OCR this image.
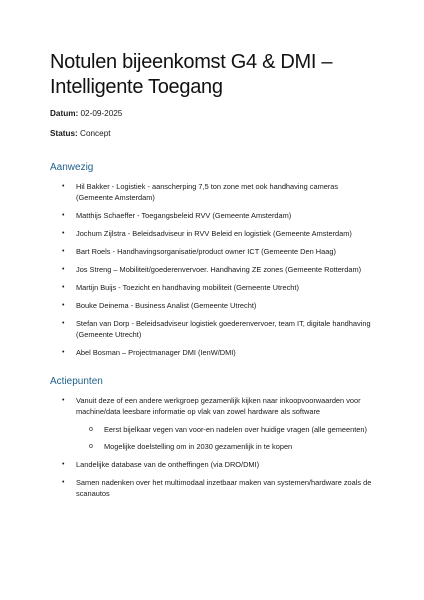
Notulen bijeenkomst G4 & DMI –
Intelligente Toegang

Datum: 02-09-2025

Status: Concept

Aanwezig
• Hil Bakker - Logistiek - aanscherping 7,5 ton zone met ook handhaving cameras (Gemeente Amsterdam)
• Matthijs Schaeffer - Toegangsbeleid RVV (Gemeente Amsterdam)
• Jochum Zijlstra - Beleidsadviseur in RVV Beleid en logistiek (Gemeente Amsterdam)
• Bart Roels - Handhavingsorganisatie/product owner ICT (Gemeente Den Haag)
• Jos Streng – Mobiliteit/goederenvervoer. Handhaving ZE zones (Gemeente Rotterdam)
• Martijn Buijs - Toezicht en handhaving mobiliteit (Gemeente Utrecht)
• Bouke Deinema - Business Analist (Gemeente Utrecht)
• Stefan van Dorp - Beleidsadviseur logistiek goederenvervoer, team IT, digitale handhaving (Gemeente Utrecht)
• Abel Bosman – Projectmanager DMI (IenW/DMI)
Actiepunten
• Vanuit deze of een andere werkgroep gezamenlijk kijken naar inkoopvoorwaarden voor machine/data leesbare informatie op vlak van zowel hardware als software
o Eerst bijelkaar vegen van voor-en nadelen over huidige vragen (alle gemeenten)
o Mogelijke doelstelling om in 2030 gezamenlijk in te kopen
• Landelijke database van de ontheffingen (via DRO/DMI)
• Samen nadenken over het multimodaal inzetbaar maken van systemen/hardware zoals de scanautos
